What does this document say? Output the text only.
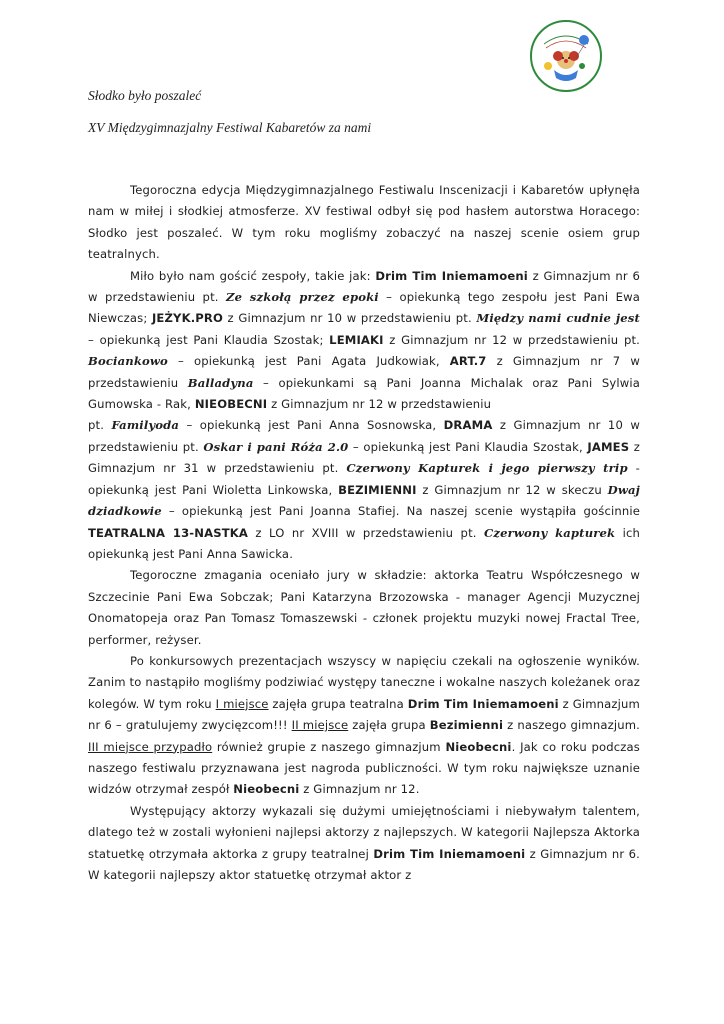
Słodko było poszaleć
XV Międzygimnazjalny Festiwal Kabaretów za nami

Tegoroczna edycja Międzygimnazjalnego Festiwalu Inscenizacji i Kabaretów upłynęła nam w miłej i słodkiej atmosferze. XV festiwal odbył się pod hasłem autorstwa Horacego: Słodko jest poszaleć. W tym roku mogliśmy zobaczyć na naszej scenie osiem grup teatralnych.

Miło było nam gościć zespoły, takie jak: Drim Tim Iniemamoeni z Gimnazjum nr 6 w przedstawieniu pt. Ze szkołą przez epoki – opiekunką tego zespołu jest Pani Ewa Niewczas; JEŻYK.PRO z Gimnazjum nr 10 w przedstawieniu pt. Między nami cudnie jest – opiekunką jest Pani Klaudia Szostak; LEMIAKI z Gimnazjum nr 12 w przedstawieniu pt. Bociankowo – opiekunką jest Pani Agata Judkowiak, ART.7 z Gimnazjum nr 7 w przedstawieniu Balladyna – opiekunkami są Pani Joanna Michalak oraz Pani Sylwia Gumowska - Rak, NIEOBECNI z Gimnazjum nr 12 w przedstawieniu
pt. Familyoda – opiekunką jest Pani Anna Sosnowska, DRAMA z Gimnazjum nr 10 w przedstawieniu pt. Oskar i pani Róża 2.0 – opiekunką jest Pani Klaudia Szostak, JAMES z Gimnazjum nr 31 w przedstawieniu pt. Czerwony Kapturek i jego pierwszy trip - opiekunką jest Pani Wioletta Linkowska, BEZIMIENNI z Gimnazjum nr 12 w skeczu Dwaj dziadkowie – opiekunką jest Pani Joanna Stafiej. Na naszej scenie wystąpiła gościnnie TEATRALNA 13-NASTKA z LO nr XVIII w przedstawieniu pt. Czerwony kapturek ich opiekunką jest Pani Anna Sawicka.

Tegoroczne zmagania oceniało jury w składzie: aktorka Teatru Współczesnego w Szczecinie Pani Ewa Sobczak; Pani Katarzyna Brzozowska - manager Agencji Muzycznej Onomatopeja oraz Pan Tomasz Tomaszewski - członek projektu muzyki nowej Fractal Tree, performer, reżyser.

Po konkursowych prezentacjach wszyscy w napięciu czekali na ogłoszenie wyników. Zanim to nastąpiło mogliśmy podziwiać występy taneczne i wokalne naszych koleżanek oraz kolegów. W tym roku I miejsce zajęła grupa teatralna Drim Tim Iniemamoeni z Gimnazjum nr 6 – gratulujemy zwycięzcom!!! II miejsce zajęła grupa Bezimienni z naszego gimnazjum. III miejsce przypadło również grupie z naszego gimnazjum Nieobecni. Jak co roku podczas naszego festiwalu przyznawana jest nagroda publiczności. W tym roku największe uznanie widzów otrzymał zespół Nieobecni z Gimnazjum nr 12.

Występujący aktorzy wykazali się dużymi umiejętnościami i niebywałym talentem, dlatego też w zostali wyłonieni najlepsi aktorzy z najlepszych. W kategorii Najlepsza Aktorka statuetkę otrzymała aktorka z grupy teatralnej Drim Tim Iniemamoeni z Gimnazjum nr 6. W kategorii najlepszy aktor statuetkę otrzymał aktor z
